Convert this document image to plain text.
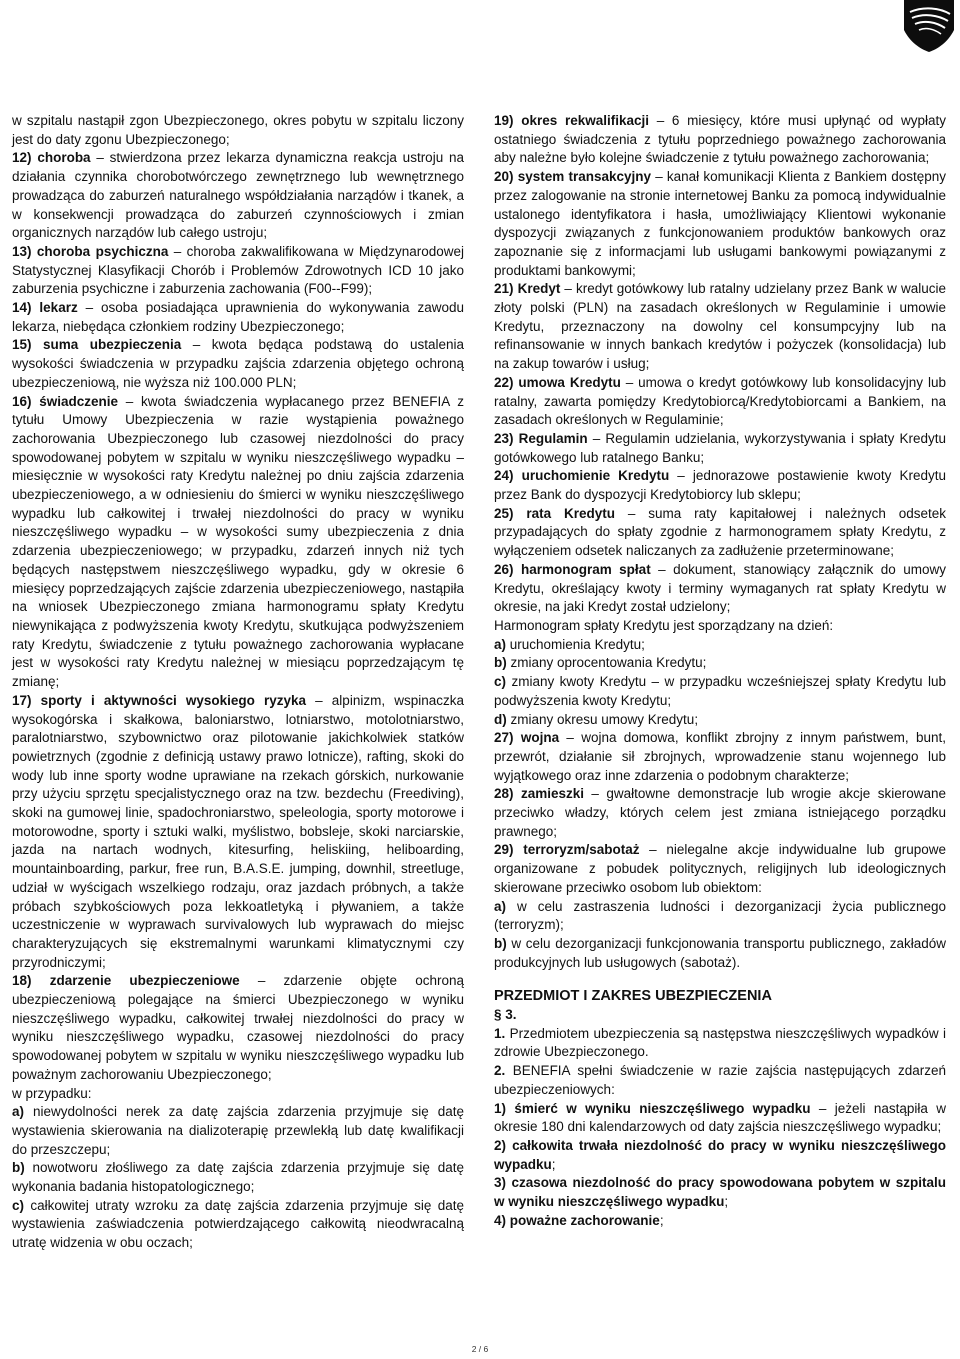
w szpitalu nastąpił zgon Ubezpieczonego, okres pobytu w szpitalu liczony jest do daty zgonu Ubezpieczonego;

12) choroba – stwierdzona przez lekarza dynamiczna reakcja ustroju na działania czynnika chorobotwórczego zewnętrznego lub wewnętrznego prowadząca do zaburzeń naturalnego współdziałania narządów i tkanek, a w konsekwencji prowadząca do zaburzeń czynnościowych i zmian organicznych narządów lub całego ustroju;

13) choroba psychiczna – choroba zakwalifikowana w Międzynarodowej Statystycznej Klasyfikacji Chorób i Problemów Zdrowotnych ICD 10 jako zaburzenia psychiczne i zaburzenia zachowania (F00--F99);

14) lekarz – osoba posiadająca uprawnienia do wykonywania zawodu lekarza, niebędąca członkiem rodziny Ubezpieczonego;

15) suma ubezpieczenia – kwota będąca podstawą do ustalenia wysokości świadczenia w przypadku zajścia zdarzenia objętego ochroną ubezpieczeniową, nie wyższa niż 100.000 PLN;

16) świadczenie – kwota świadczenia wypłacanego przez BENEFIA z tytułu Umowy Ubezpieczenia w razie wystąpienia poważnego zachorowania Ubezpieczonego lub czasowej niezdolności do pracy spowodowanej pobytem w szpitalu w wyniku nieszczęśliwego wypadku – miesięcznie w wysokości raty Kredytu należnej po dniu zajścia zdarzenia ubezpieczeniowego, a w odniesieniu do śmierci w wyniku nieszczęśliwego wypadku lub całkowitej i trwałej niezdolności do pracy w wyniku nieszczęśliwego wypadku – w wysokości sumy ubezpieczenia z dnia zdarzenia ubezpieczeniowego; w przypadku, zdarzeń innych niż tych będących następstwem nieszczęśliwego wypadku, gdy w okresie 6 miesięcy poprzedzających zajście zdarzenia ubezpieczeniowego, nastąpiła na wniosek Ubezpieczonego zmiana harmonogramu spłaty Kredytu niewynikająca z podwyższenia kwoty Kredytu, skutkująca podwyższeniem raty Kredytu, świadczenie z tytułu poważnego zachorowania wypłacane jest w wysokości raty Kredytu należnej w miesiącu poprzedzającym tę zmianę;

17) sporty i aktywności wysokiego ryzyka – alpinizm, wspinaczka wysokogórska i skałkowa, baloniarstwo, lotniarstwo, motolotniarstwo, paralotniarstwo, szybownictwo oraz pilotowanie jakichkolwiek statków powietrznych (zgodnie z definicją ustawy prawo lotnicze), rafting, skoki do wody lub inne sporty wodne uprawiane na rzekach górskich, nurkowanie przy użyciu sprzętu specjalistycznego oraz na tzw. bezdechu (Freediving), skoki na gumowej linie, spadochroniarstwo, speleologia, sporty motorowe i motorowodne, sporty i sztuki walki, myślistwo, bobsleje, skoki narciarskie, jazda na nartach wodnych, kitesurfing, heliskiing, heliboarding, mountainboarding, parkur, free run, B.A.S.E. jumping, downhil, streetluge, udział w wyścigach wszelkiego rodzaju, oraz jazdach próbnych, a także próbach szybkościowych poza lekkoatletyką i pływaniem, a także uczestniczenie w wyprawach survivalowych lub wyprawach do miejsc charakteryzujących się ekstremalnymi warunkami klimatycznymi czy przyrodniczymi;

18) zdarzenie ubezpieczeniowe – zdarzenie objęte ochroną ubezpieczeniową polegające na śmierci Ubezpieczonego w wyniku nieszczęśliwego wypadku, całkowitej trwałej niezdolności do pracy w wyniku nieszczęśliwego wypadku, czasowej niezdolności do pracy spowodowanej pobytem w szpitalu w wyniku nieszczęśliwego wypadku lub poważnym zachorowaniu Ubezpieczonego;

w przypadku:

a) niewydolności nerek za datę zajścia zdarzenia przyjmuje się datę wystawienia skierowania na dializoterapię przewlekłą lub datę kwalifikacji do przeszczepu;

b) nowotworu złośliwego za datę zajścia zdarzenia przyjmuje się datę wykonania badania histopatologicznego;

c) całkowitej utraty wzroku za datę zajścia zdarzenia przyjmuje się datę wystawienia zaświadczenia potwierdzającego całkowitą nieodwracalną utratę widzenia w obu oczach;

19) okres rekwalifikacji – 6 miesięcy, które musi upłynąć od wypłaty ostatniego świadczenia z tytułu poprzedniego poważnego zachorowania aby należne było kolejne świadczenie z tytułu poważnego zachorowania;

20) system transakcyjny – kanał komunikacji Klienta z Bankiem dostępny przez zalogowanie na stronie internetowej Banku za pomocą indywidualnie ustalonego identyfikatora i hasła, umożliwiający Klientowi wykonanie dyspozycji związanych z funkcjonowaniem produktów bankowych oraz zapoznanie się z informacjami lub usługami bankowymi powiązanymi z produktami bankowymi;

21) Kredyt – kredyt gotówkowy lub ratalny udzielany przez Bank w walucie złoty polski (PLN) na zasadach określonych w Regulaminie i umowie Kredytu, przeznaczony na dowolny cel konsumpcyjny lub na refinansowanie w innych bankach kredytów i pożyczek (konsolidacja) lub na zakup towarów i usług;

22) umowa Kredytu – umowa o kredyt gotówkowy lub konsolidacyjny lub ratalny, zawarta pomiędzy Kredytobiorcą/Kredytobiorcami a Bankiem, na zasadach określonych w Regulaminie;

23) Regulamin – Regulamin udzielania, wykorzystywania i spłaty Kredytu gotówkowego lub ratalnego Banku;

24) uruchomienie Kredytu – jednorazowe postawienie kwoty Kredytu przez Bank do dyspozycji Kredytobiorcy lub sklepu;

25) rata Kredytu – suma raty kapitałowej i należnych odsetek przypadających do spłaty zgodnie z harmonogramem spłaty Kredytu, z wyłączeniem odsetek naliczanych za zadłużenie przeterminowane;

26) harmonogram spłat – dokument, stanowiący załącznik do umowy Kredytu, określający kwoty i terminy wymaganych rat spłaty Kredytu w okresie, na jaki Kredyt został udzielony;

Harmonogram spłaty Kredytu jest sporządzany na dzień:

a) uruchomienia Kredytu;

b) zmiany oprocentowania Kredytu;

c) zmiany kwoty Kredytu – w przypadku wcześniejszej spłaty Kredytu lub podwyższenia kwoty Kredytu;

d) zmiany okresu umowy Kredytu;

27) wojna – wojna domowa, konflikt zbrojny z innym państwem, bunt, przewrót, działanie sił zbrojnych, wprowadzenie stanu wojennego lub wyjątkowego oraz inne zdarzenia o podobnym charakterze;

28) zamieszki – gwałtowne demonstracje lub wrogie akcje skierowane przeciwko władzy, których celem jest zmiana istniejącego porządku prawnego;

29) terroryzm/sabotaż – nielegalne akcje indywidualne lub grupowe organizowane z pobudek politycznych, religijnych lub ideologicznych skierowane przeciwko osobom lub obiektom:

a) w celu zastraszenia ludności i dezorganizacji życia publicznego (terroryzm);

b) w celu dezorganizacji funkcjonowania transportu publicznego, zakładów produkcyjnych lub usługowych (sabotaż).

PRZEDMIOT I ZAKRES UBEZPIECZENIA

§ 3.

1. Przedmiotem ubezpieczenia są następstwa nieszczęśliwych wypadków i zdrowie Ubezpieczonego.

2. BENEFIA spełni świadczenie w razie zajścia następujących zdarzeń ubezpieczeniowych:

1) śmierć w wyniku nieszczęśliwego wypadku – jeżeli nastąpiła w okresie 180 dni kalendarzowych od daty zajścia nieszczęśliwego wypadku;

2) całkowita trwała niezdolność do pracy w wyniku nieszczęśliwego wypadku;

3) czasowa niezdolność do pracy spowodowana pobytem w szpitalu w wyniku nieszczęśliwego wypadku;

4) poważne zachorowanie;

2 / 6
